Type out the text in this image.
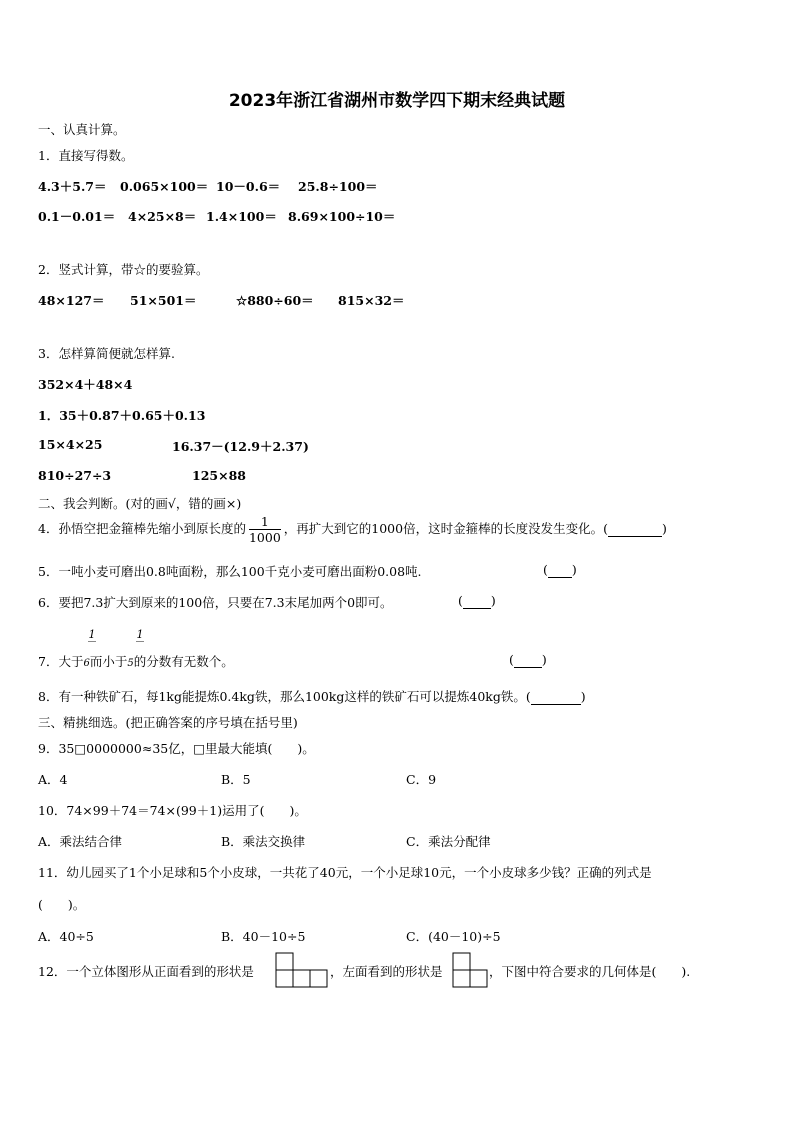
2023年浙江省湖州市数学四下期末经典试题
一、认真计算。
1．直接写得数。
4.3＋5.7＝ 0.065×100＝ 10－0.6＝ 25.8÷100＝
0.1－0.01＝ 4×25×8＝ 1.4×100＝ 8.69×100÷10＝
2．竖式计算，带☆的要验算。
48×127＝ 51×501＝	☆880÷60＝ 815×32＝
3．怎样算简便就怎样算.
352×4＋48×4
1．35＋0.87＋0.65＋0.13
15×4×25	16.37－(12.9＋2.37)
810÷27÷3	125×88
二、我会判断。(对的画√，错的画×)
4．孙悟空把金箍棒先缩小到原长度的 $\frac{1}{1000}$ ，再扩大到它的1000倍，这时金箍棒的长度没发生变化。(	)
5．一吨小麦可磨出0.8吨面粉，那么100千克小麦可磨出面粉0.08吨.	( )
6．要把7.3扩大到原来的100倍，只要在7.3末尾加两个0即可。	( )
1	1
7．大于6而小于5的分数有无数个。	( )
8．有一种铁矿石，每1kg能提炼0.4kg铁，那么100kg这样的铁矿石可以提炼40kg铁。(	)
三、精挑细选。(把正确答案的序号填在括号里)
9．35□0000000≈35亿，□里最大能填(　　)。
A．4	B．5	C．9
10．74×99＋74＝74×(99＋1)运用了(　　)。
A．乘法结合律	B．乘法交换律	C．乘法分配律
11．幼儿园买了1个小足球和5个小皮球，一共花了40元，一个小足球10元，一个小皮球多少钱？正确的列式是
(　　)。
A．40÷5	B．40－10÷5	C．(40－10)÷5
12．一个立体图形从正面看到的形状是	，左面看到的形状是	，下图中符合要求的几何体是(　　).
